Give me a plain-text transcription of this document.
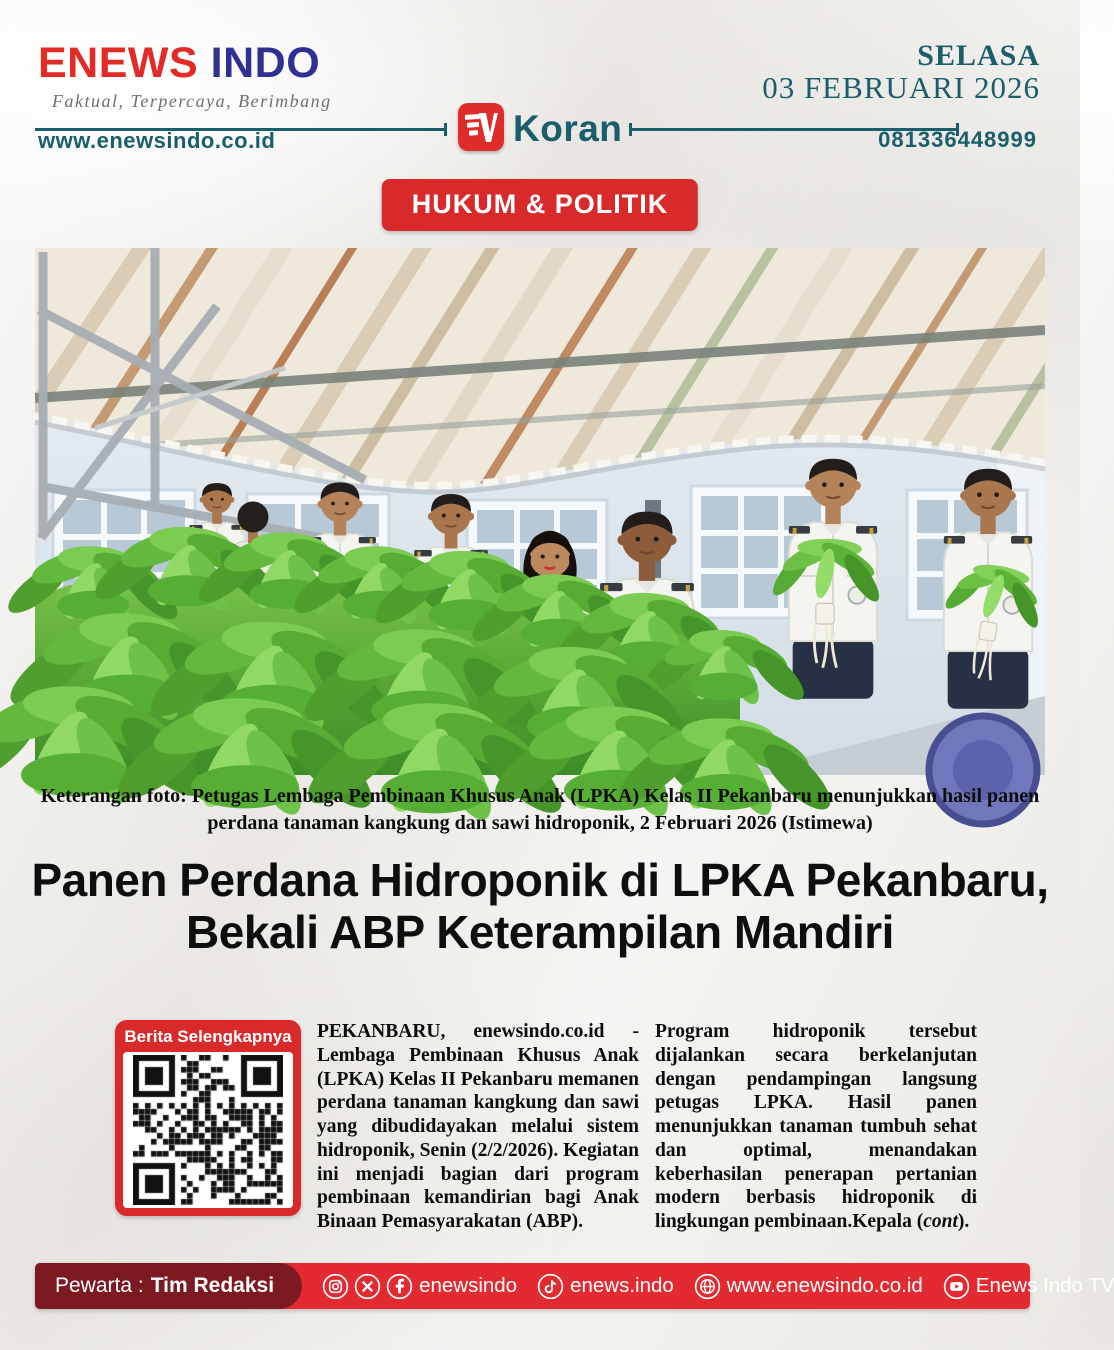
ENEWS INDO
Faktual, Terpercaya, Berimbang
SELASA
03 FEBRUARI 2026
Koran
www.enewsindo.co.id	081336448999
HUKUM & POLITIK
Keterangan foto: Petugas Lembaga Pembinaan Khusus Anak (LPKA) Kelas II Pekanbaru menunjukkan hasil panen perdana tanaman kangkung dan sawi hidroponik, 2 Februari 2026 (Istimewa)
Panen Perdana Hidroponik di LPKA Pekanbaru, Bekali ABP Keterampilan Mandiri
Berita Selengkapnya PEKANBARU, enewsindo.co.id - Lembaga Pembinaan Khusus Anak (LPKA) Kelas II Pekanbaru memanen perdana tanaman kangkung dan sawi yang dibudidayakan melalui sistem hidroponik, Senin (2/2/2026). Kegiatan ini menjadi bagian dari program pembinaan kemandirian bagi Anak Binaan Pemasyarakatan (ABP).

Program hidroponik tersebut dijalankan secara berkelanjutan dengan pendampingan langsung petugas LPKA. Hasil panen menunjukkan tanaman tumbuh sehat dan optimal, menandakan keberhasilan penerapan pertanian modern berbasis hidroponik di lingkungan pembinaan.Kepala (cont).

Pewarta : Tim Redaksi	enewsindo	enews.indo	www.enewsindo.co.id	Enews Indo TV
